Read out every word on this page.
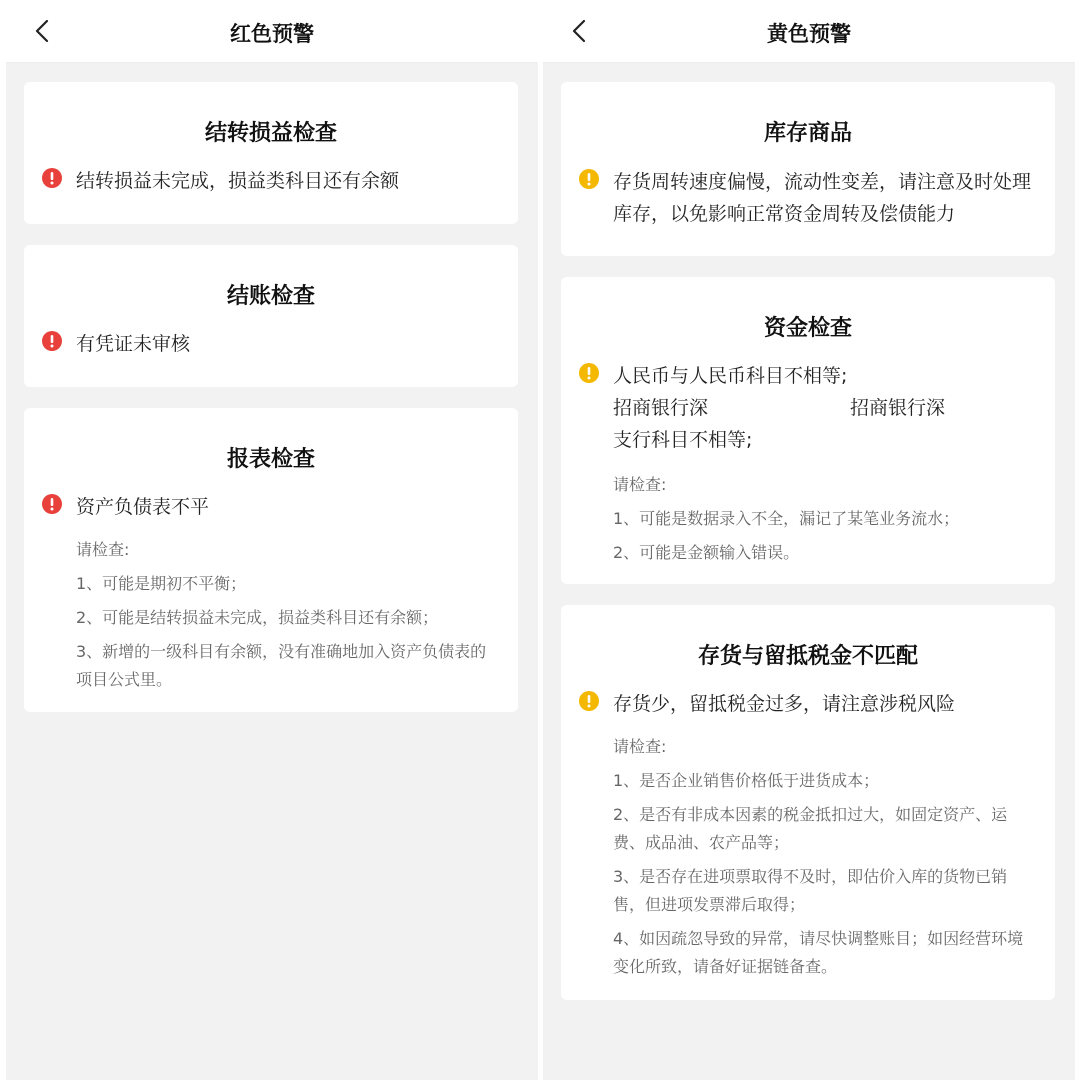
红色预警
结转损益检查
结转损益未完成，损益类科目还有余额
结账检查
有凭证未审核
报表检查
资产负债表不平
请检查:
1、可能是期初不平衡；
2、可能是结转损益未完成，损益类科目还有余额；
3、新增的一级科目有余额，没有准确地加入资产负债表的项目公式里。
黄色预警
库存商品
存货周转速度偏慢，流动性变差，请注意及时处理库存，以免影响正常资金周转及偿债能力
资金检查
人民币与人民币科目不相等;
招商银行深	招商银行深
支行科目不相等;
请检查:
1、可能是数据录入不全，漏记了某笔业务流水；
2、可能是金额输入错误。
存货与留抵税金不匹配
存货少，留抵税金过多，请注意涉税风险
请检查:
1、是否企业销售价格低于进货成本；
2、是否有非成本因素的税金抵扣过大，如固定资产、运费、成品油、农产品等；
3、是否存在进项票取得不及时，即估价入库的货物已销售，但进项发票滞后取得；
4、如因疏忽导致的异常，请尽快调整账目；如因经营环境变化所致，请备好证据链备查。
